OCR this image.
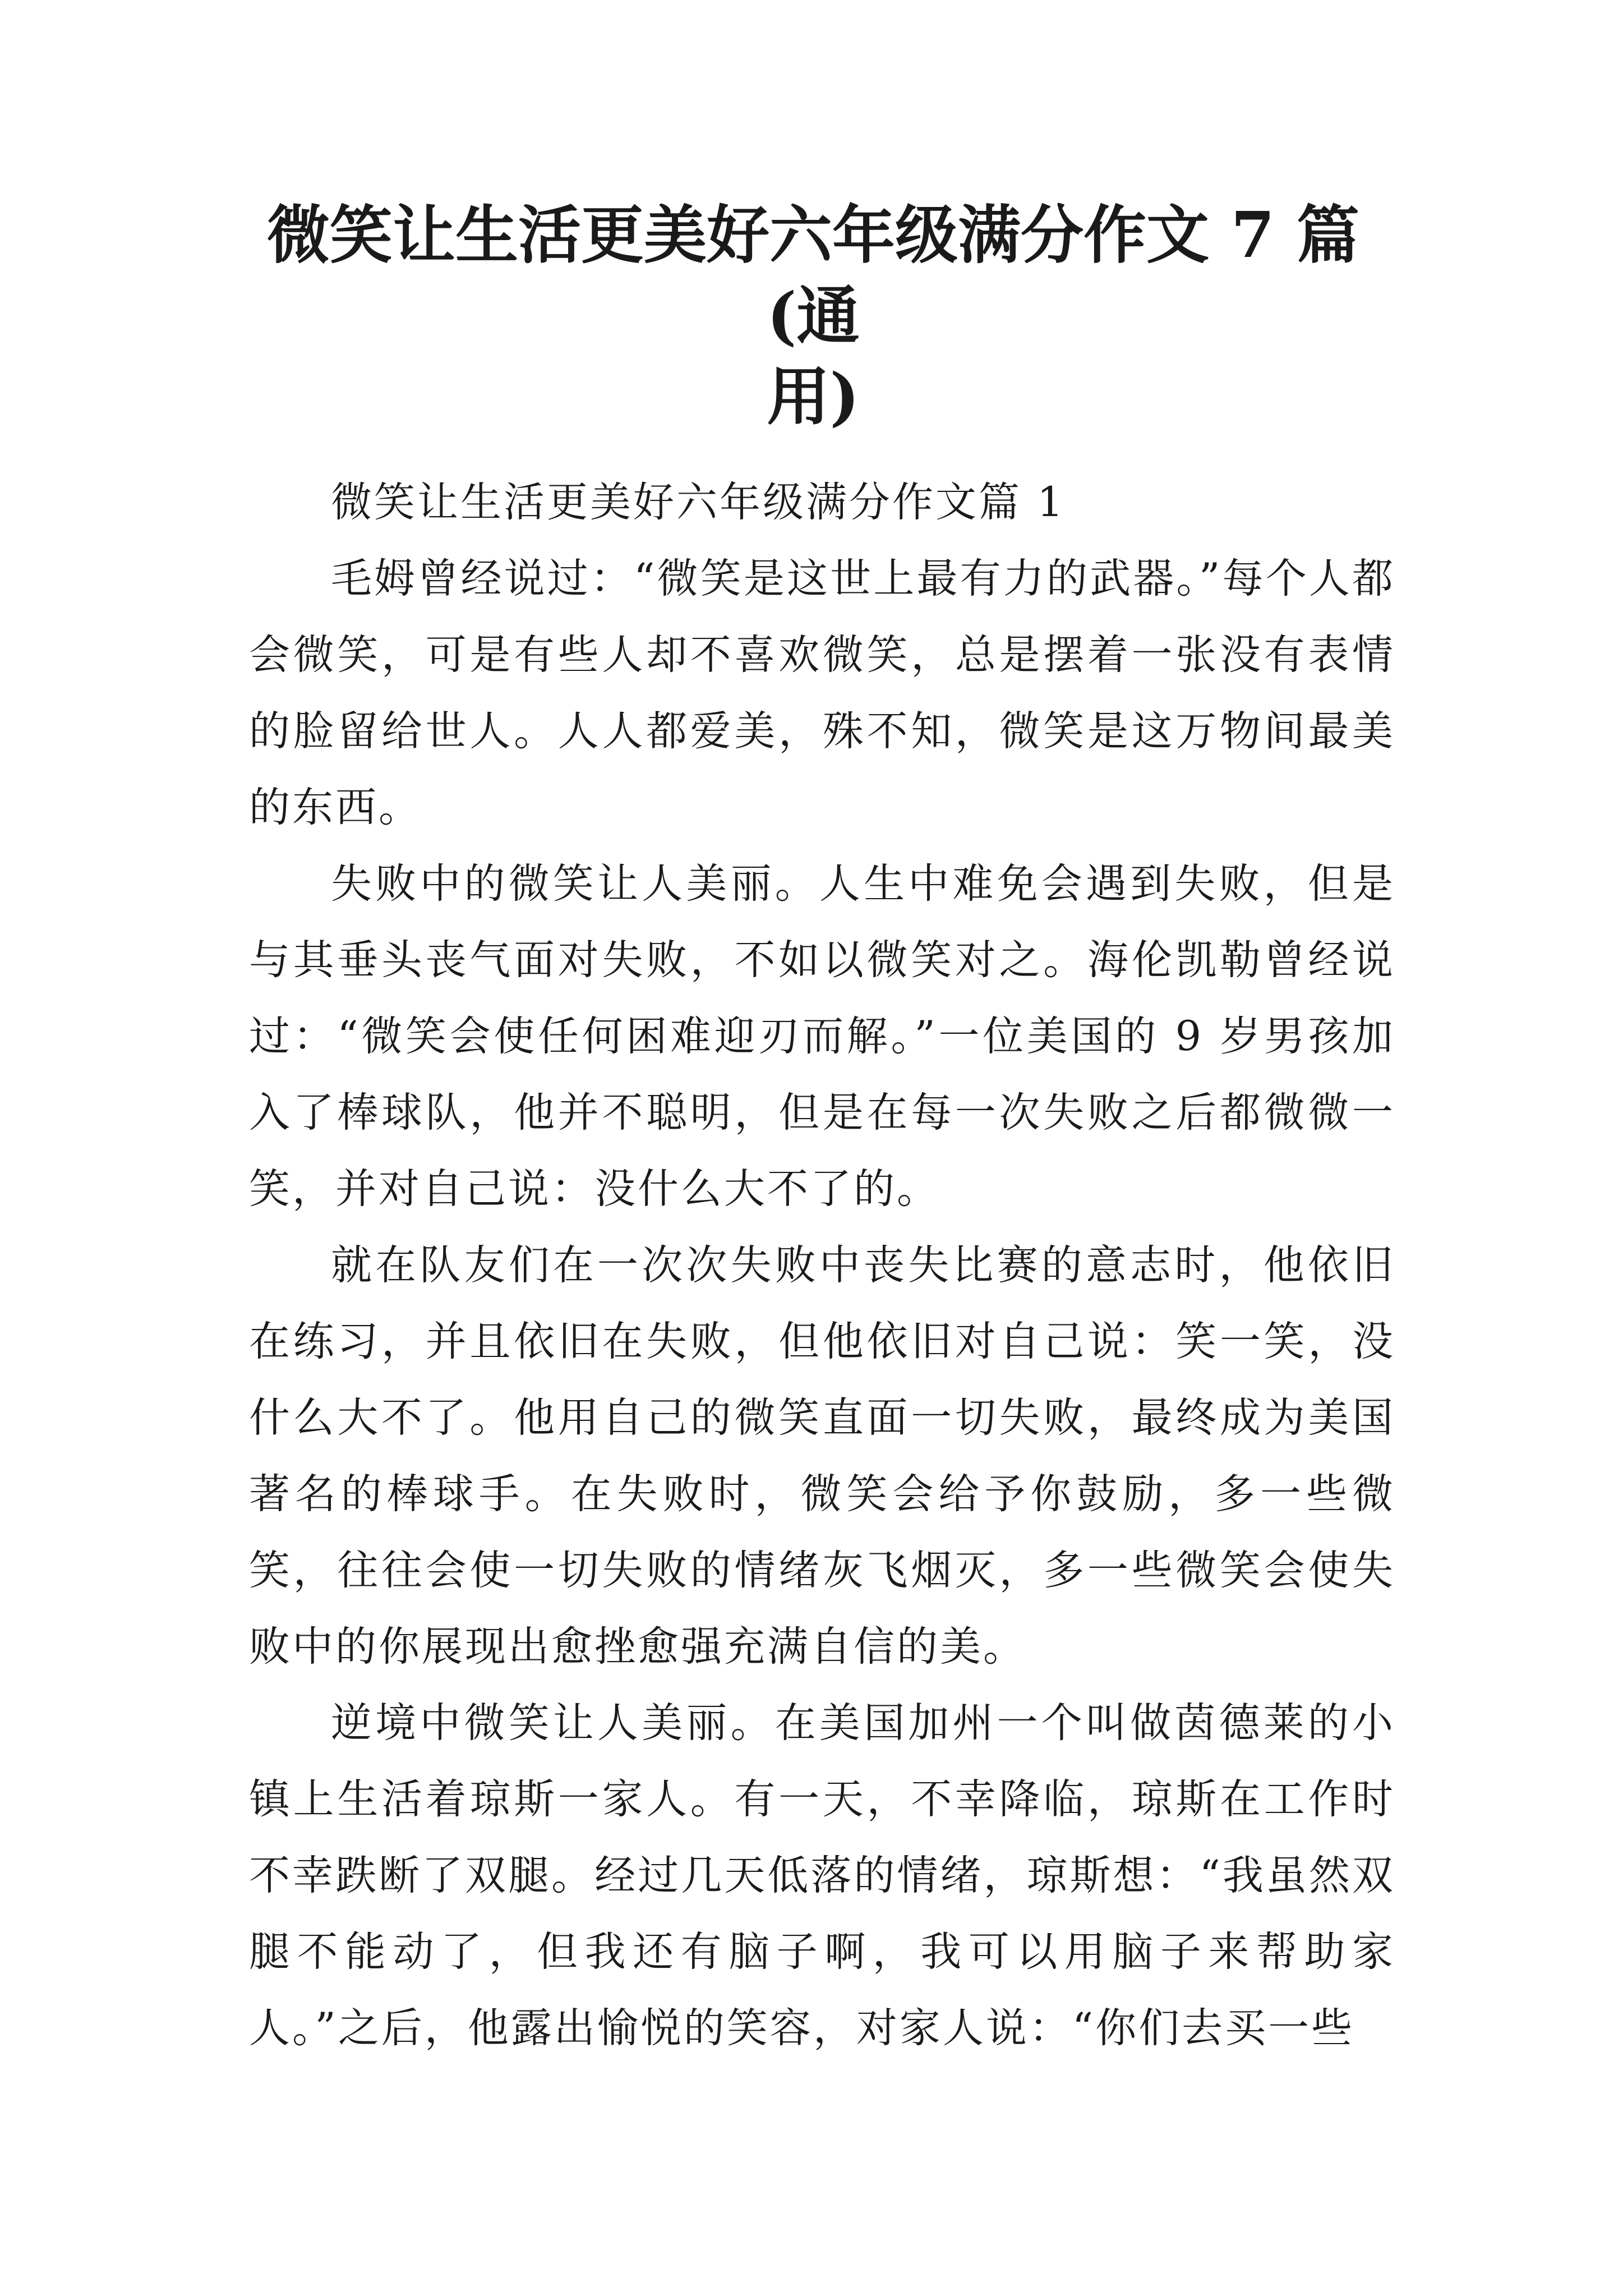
微笑让生活更美好六年级满分作文 7 篇(通
用)

微笑让生活更美好六年级满分作文篇 1

毛姆曾经说过：“微笑是这世上最有力的武器。”每个人都会微笑，可是有些人却不喜欢微笑，总是摆着一张没有表情的脸留给世人。人人都爱美，殊不知，微笑是这万物间最美的东西。

失败中的微笑让人美丽。人生中难免会遇到失败，但是与其垂头丧气面对失败，不如以微笑对之。海伦凯勒曾经说过：“微笑会使任何困难迎刃而解。”一位美国的 9 岁男孩加入了棒球队，他并不聪明，但是在每一次失败之后都微微一笑，并对自己说：没什么大不了的。

就在队友们在一次次失败中丧失比赛的意志时，他依旧在练习，并且依旧在失败，但他依旧对自己说：笑一笑，没什么大不了。他用自己的微笑直面一切失败，最终成为美国著名的棒球手。在失败时，微笑会给予你鼓励，多一些微笑，往往会使一切失败的情绪灰飞烟灭，多一些微笑会使失败中的你展现出愈挫愈强充满自信的美。

逆境中微笑让人美丽。在美国加州一个叫做茵德莱的小镇上生活着琼斯一家人。有一天，不幸降临，琼斯在工作时不幸跌断了双腿。经过几天低落的情绪，琼斯想：“我虽然双腿不能动了，但我还有脑子啊，我可以用脑子来帮助家人。”之后，他露出愉悦的笑容，对家人说：“你们去买一些
